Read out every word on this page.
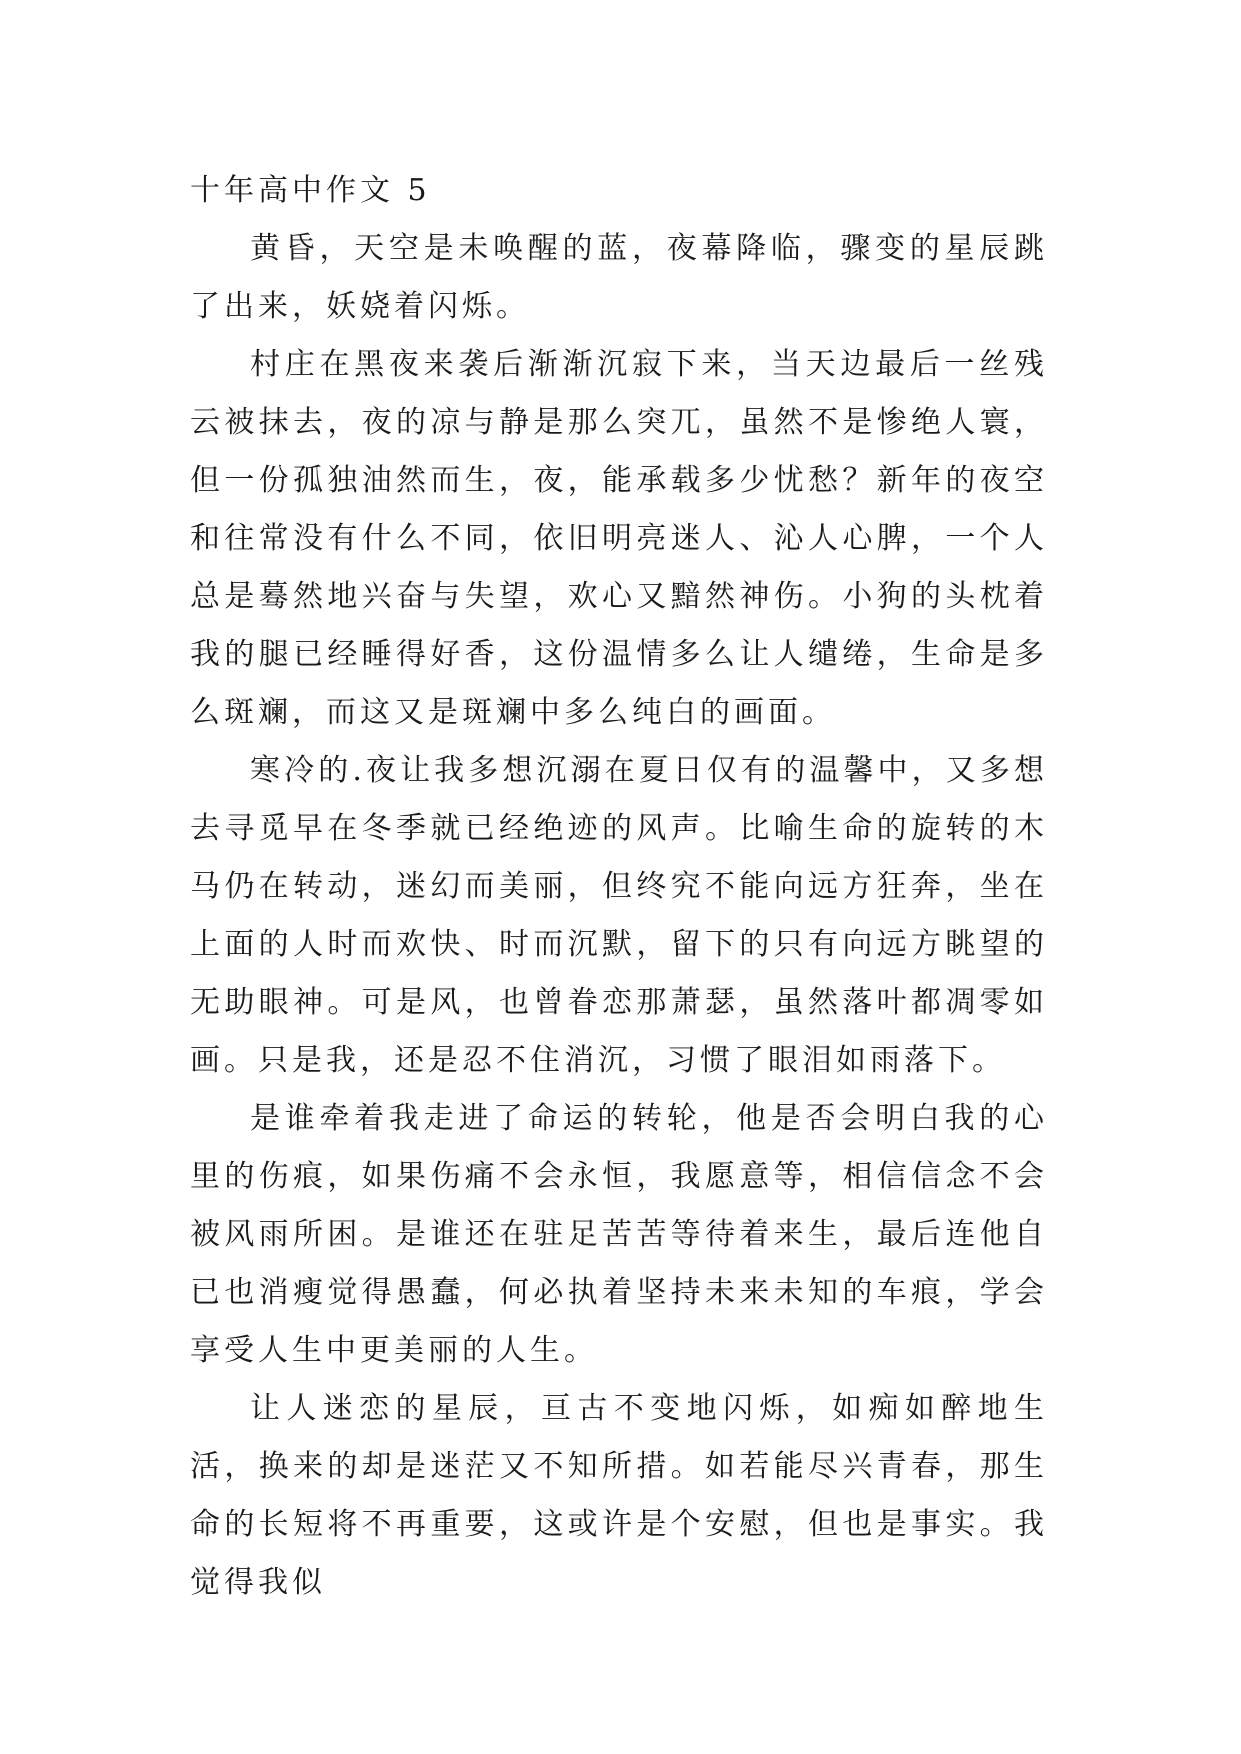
十年高中作文 5

黄昏，天空是未唤醒的蓝，夜幕降临，骤变的星辰跳了出来，妖娆着闪烁。

村庄在黑夜来袭后渐渐沉寂下来，当天边最后一丝残云被抹去，夜的凉与静是那么突兀，虽然不是惨绝人寰，但一份孤独油然而生，夜，能承载多少忧愁？新年的夜空和往常没有什么不同，依旧明亮迷人、沁人心脾，一个人总是蓦然地兴奋与失望，欢心又黯然神伤。小狗的头枕着我的腿已经睡得好香，这份温情多么让人缱绻，生命是多么斑斓，而这又是斑斓中多么纯白的画面。

寒冷的.夜让我多想沉溺在夏日仅有的温馨中，又多想去寻觅早在冬季就已经绝迹的风声。比喻生命的旋转的木马仍在转动，迷幻而美丽，但终究不能向远方狂奔，坐在上面的人时而欢快、时而沉默，留下的只有向远方眺望的无助眼神。可是风，也曾眷恋那萧瑟，虽然落叶都凋零如画。只是我，还是忍不住消沉，习惯了眼泪如雨落下。

是谁牵着我走进了命运的转轮，他是否会明白我的心里的伤痕，如果伤痛不会永恒，我愿意等，相信信念不会被风雨所困。是谁还在驻足苦苦等待着来生，最后连他自已也消瘦觉得愚蠢，何必执着坚持未来未知的车痕，学会享受人生中更美丽的人生。

让人迷恋的星辰，亘古不变地闪烁，如痴如醉地生活，换来的却是迷茫又不知所措。如若能尽兴青春，那生命的长短将不再重要，这或许是个安慰，但也是事实。我觉得我似
